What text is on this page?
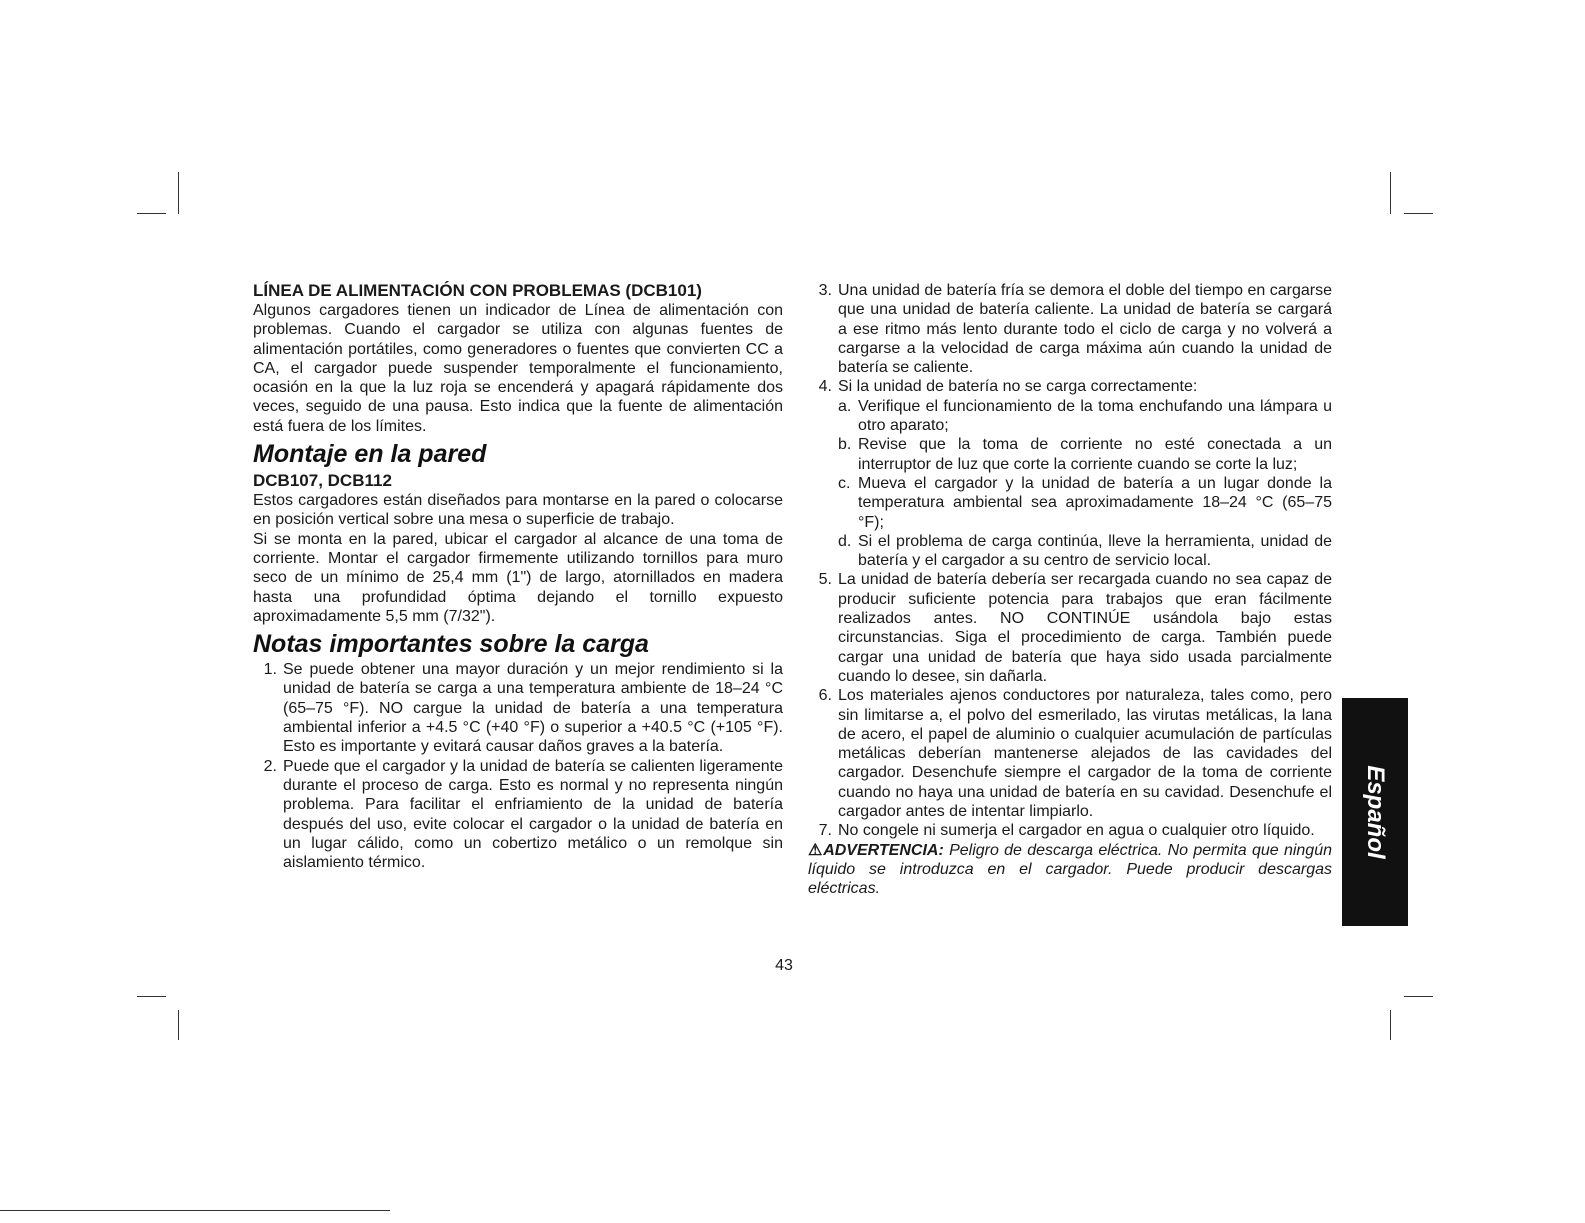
LÍNEA DE ALIMENTACIÓN CON PROBLEMAS (DCB101)

Algunos cargadores tienen un indicador de Línea de alimentación con problemas. Cuando el cargador se utiliza con algunas fuentes de alimentación portátiles, como generadores o fuentes que convierten CC a CA, el cargador puede suspender temporalmente el funcionamiento, ocasión en la que la luz roja se encenderá y apagará rápidamente dos veces, seguido de una pausa. Esto indica que la fuente de alimentación está fuera de los límites.

Montaje en la pared
DCB107, DCB112

Estos cargadores están diseñados para montarse en la pared o colocarse en posición vertical sobre una mesa o superficie de trabajo.

Si se monta en la pared, ubicar el cargador al alcance de una toma de corriente. Montar el cargador firmemente utilizando tornillos para muro seco de un mínimo de 25,4 mm (1") de largo, atornillados en madera hasta una profundidad óptima dejando el tornillo expuesto aproximadamente 5,5 mm (7/32").

Notas importantes sobre la carga
1. Se puede obtener una mayor duración y un mejor rendimiento si la unidad de batería se carga a una temperatura ambiente de 18–24 °C (65–75 °F). NO cargue la unidad de batería a una temperatura ambiental inferior a +4.5 °C (+40 °F) o superior a +40.5 °C (+105 °F). Esto es importante y evitará causar daños graves a la batería.
2. Puede que el cargador y la unidad de batería se calienten ligeramente durante el proceso de carga. Esto es normal y no representa ningún problema. Para facilitar el enfriamiento de la unidad de batería después del uso, evite colocar el cargador o la unidad de batería en un lugar cálido, como un cobertizo metálico o un remolque sin aislamiento térmico.
3. Una unidad de batería fría se demora el doble del tiempo en cargarse que una unidad de batería caliente. La unidad de batería se cargará a ese ritmo más lento durante todo el ciclo de carga y no volverá a cargarse a la velocidad de carga máxima aún cuando la unidad de batería se caliente.
4. Si la unidad de batería no se carga correctamente:
a. Verifique el funcionamiento de la toma enchufando una lámpara u otro aparato;
b. Revise que la toma de corriente no esté conectada a un interruptor de luz que corte la corriente cuando se corte la luz;
c. Mueva el cargador y la unidad de batería a un lugar donde la temperatura ambiental sea aproximadamente 18–24 °C (65–75 °F);
d. Si el problema de carga continúa, lleve la herramienta, unidad de batería y el cargador a su centro de servicio local.
5. La unidad de batería debería ser recargada cuando no sea capaz de producir suficiente potencia para trabajos que eran fácilmente realizados antes. NO CONTINÚE usándola bajo estas circunstancias. Siga el procedimiento de carga. También puede cargar una unidad de batería que haya sido usada parcialmente cuando lo desee, sin dañarla.
6. Los materiales ajenos conductores por naturaleza, tales como, pero sin limitarse a, el polvo del esmerilado, las virutas metálicas, la lana de acero, el papel de aluminio o cualquier acumulación de partículas metálicas deberían mantenerse alejados de las cavidades del cargador. Desenchufe siempre el cargador de la toma de corriente cuando no haya una unidad de batería en su cavidad. Desenchufe el cargador antes de intentar limpiarlo.
7. No congele ni sumerja el cargador en agua o cualquier otro líquido.

⚠ADVERTENCIA: Peligro de descarga eléctrica. No permita que ningún líquido se introduzca en el cargador. Puede producir descargas eléctricas.

43
Español
